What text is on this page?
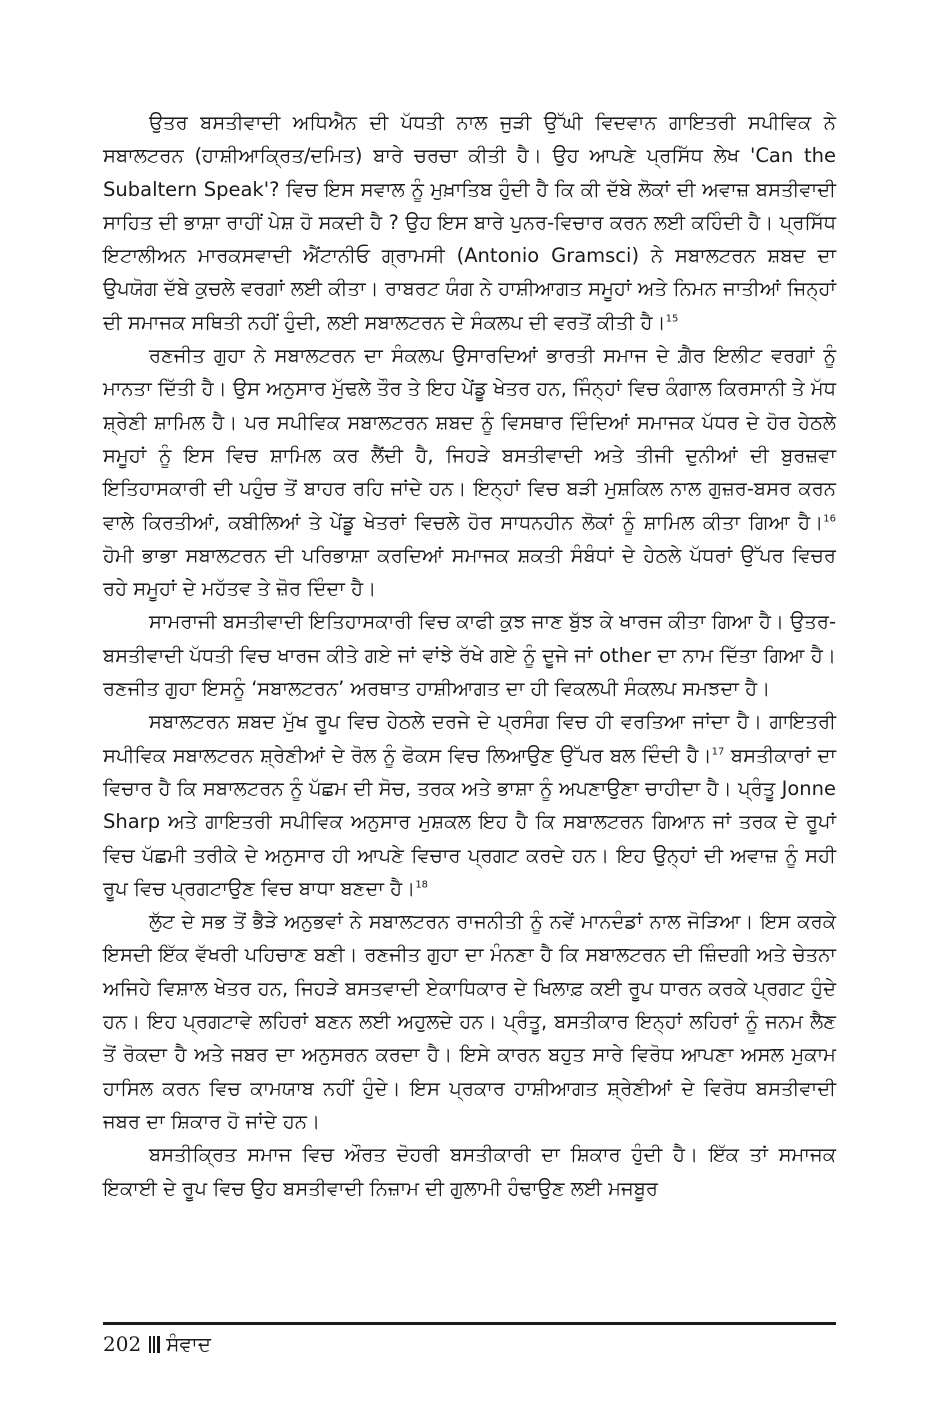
ਉਤਰ ਬਸਤੀਵਾਦੀ ਅਧਿਐਨ ਦੀ ਪੱਧਤੀ ਨਾਲ ਜੁੜੀ ਉੱਘੀ ਵਿਦਵਾਨ ਗਾਇਤਰੀ ਸਪੀਵਿਕ ਨੇ ਸਬਾਲਟਰਨ (ਹਾਸ਼ੀਆਕ੍ਰਿਤ/ਦਮਿਤ) ਬਾਰੇ ਚਰਚਾ ਕੀਤੀ ਹੈ। ਉਹ ਆਪਣੇ ਪ੍ਰਸਿੱਧ ਲੇਖ 'Can the Subaltern Speak'? ਵਿਚ ਇਸ ਸਵਾਲ ਨੂੰ ਮੁਖ਼ਾਤਿਬ ਹੁੰਦੀ ਹੈ ਕਿ ਕੀ ਦੱਬੇ ਲੋਕਾਂ ਦੀ ਅਵਾਜ਼ ਬਸਤੀਵਾਦੀ ਸਾਹਿਤ ਦੀ ਭਾਸ਼ਾ ਰਾਹੀਂ ਪੇਸ਼ ਹੋ ਸਕਦੀ ਹੈ ? ਉਹ ਇਸ ਬਾਰੇ ਪੁਨਰ-ਵਿਚਾਰ ਕਰਨ ਲਈ ਕਹਿੰਦੀ ਹੈ। ਪ੍ਰਸਿੱਧ ਇਟਾਲੀਅਨ ਮਾਰਕਸਵਾਦੀ ਐਂਟਾਨੀਓ ਗ੍ਰਾਮਸੀ (Antonio Gramsci) ਨੇ ਸਬਾਲਟਰਨ ਸ਼ਬਦ ਦਾ ਉਪਯੋਗ ਦੱਬੇ ਕੁਚਲੇ ਵਰਗਾਂ ਲਈ ਕੀਤਾ। ਰਾਬਰਟ ਯੰਗ ਨੇ ਹਾਸ਼ੀਆਗਤ ਸਮੂਹਾਂ ਅਤੇ ਨਿਮਨ ਜਾਤੀਆਂ ਜਿਨ੍ਹਾਂ ਦੀ ਸਮਾਜਕ ਸਥਿਤੀ ਨਹੀਂ ਹੁੰਦੀ, ਲਈ ਸਬਾਲਟਰਨ ਦੇ ਸੰਕਲਪ ਦੀ ਵਰਤੋਂ ਕੀਤੀ ਹੈ।$^{15}$

ਰਣਜੀਤ ਗੁਹਾ ਨੇ ਸਬਾਲਟਰਨ ਦਾ ਸੰਕਲਪ ਉਸਾਰਦਿਆਂ ਭਾਰਤੀ ਸਮਾਜ ਦੇ ਗ਼ੈਰ ਇਲੀਟ ਵਰਗਾਂ ਨੂੰ ਮਾਨਤਾ ਦਿੱਤੀ ਹੈ। ਉਸ ਅਨੁਸਾਰ ਮੁੱਢਲੇ ਤੌਰ ਤੇ ਇਹ ਪੇਂਡੂ ਖੇਤਰ ਹਨ, ਜਿੰਨ੍ਹਾਂ ਵਿਚ ਕੰਗਾਲ ਕਿਰਸਾਨੀ ਤੇ ਮੱਧ ਸ਼੍ਰੇਣੀ ਸ਼ਾਮਿਲ ਹੈ। ਪਰ ਸਪੀਵਿਕ ਸਬਾਲਟਰਨ ਸ਼ਬਦ ਨੂੰ ਵਿਸਥਾਰ ਦਿੰਦਿਆਂ ਸਮਾਜਕ ਪੱਧਰ ਦੇ ਹੋਰ ਹੇਠਲੇ ਸਮੂਹਾਂ ਨੂੰ ਇਸ ਵਿਚ ਸ਼ਾਮਿਲ ਕਰ ਲੈਂਦੀ ਹੈ, ਜਿਹੜੇ ਬਸਤੀਵਾਦੀ ਅਤੇ ਤੀਜੀ ਦੁਨੀਆਂ ਦੀ ਬੁਰਜ਼ਵਾ ਇਤਿਹਾਸਕਾਰੀ ਦੀ ਪਹੁੰਚ ਤੋਂ ਬਾਹਰ ਰਹਿ ਜਾਂਦੇ ਹਨ। ਇਨ੍ਹਾਂ ਵਿਚ ਬੜੀ ਮੁਸ਼ਕਿਲ ਨਾਲ ਗੁਜ਼ਰ-ਬਸਰ ਕਰਨ ਵਾਲੇ ਕਿਰਤੀਆਂ, ਕਬੀਲਿਆਂ ਤੇ ਪੇਂਡੂ ਖੇਤਰਾਂ ਵਿਚਲੇ ਹੋਰ ਸਾਧਨਹੀਨ ਲੋਕਾਂ ਨੂੰ ਸ਼ਾਮਿਲ ਕੀਤਾ ਗਿਆ ਹੈ।$^{16}$ ਹੋਮੀ ਭਾਭਾ ਸਬਾਲਟਰਨ ਦੀ ਪਰਿਭਾਸ਼ਾ ਕਰਦਿਆਂ ਸਮਾਜਕ ਸ਼ਕਤੀ ਸੰਬੰਧਾਂ ਦੇ ਹੇਠਲੇ ਪੱਧਰਾਂ ਉੱਪਰ ਵਿਚਰ ਰਹੇ ਸਮੂਹਾਂ ਦੇ ਮਹੱਤਵ ਤੇ ਜ਼ੋਰ ਦਿੰਦਾ ਹੈ।

ਸਾਮਰਾਜੀ ਬਸਤੀਵਾਦੀ ਇਤਿਹਾਸਕਾਰੀ ਵਿਚ ਕਾਫੀ ਕੁਝ ਜਾਣ ਬੁੱਝ ਕੇ ਖਾਰਜ ਕੀਤਾ ਗਿਆ ਹੈ। ਉਤਰ-ਬਸਤੀਵਾਦੀ ਪੱਧਤੀ ਵਿਚ ਖਾਰਜ ਕੀਤੇ ਗਏ ਜਾਂ ਵਾਂਝੇ ਰੱਖੇ ਗਏ ਨੂੰ ਦੂਜੇ ਜਾਂ other ਦਾ ਨਾਮ ਦਿੱਤਾ ਗਿਆ ਹੈ। ਰਣਜੀਤ ਗੁਹਾ ਇਸਨੂੰ ‘ਸਬਾਲਟਰਨ’ ਅਰਥਾਤ ਹਾਸ਼ੀਆਗਤ ਦਾ ਹੀ ਵਿਕਲਪੀ ਸੰਕਲਪ ਸਮਝਦਾ ਹੈ।

ਸਬਾਲਟਰਨ ਸ਼ਬਦ ਮੁੱਖ ਰੂਪ ਵਿਚ ਹੇਠਲੇ ਦਰਜੇ ਦੇ ਪ੍ਰਸੰਗ ਵਿਚ ਹੀ ਵਰਤਿਆ ਜਾਂਦਾ ਹੈ। ਗਾਇਤਰੀ ਸਪੀਵਿਕ ਸਬਾਲਟਰਨ ਸ਼੍ਰੇਣੀਆਂ ਦੇ ਰੋਲ ਨੂੰ ਫੋਕਸ ਵਿਚ ਲਿਆਉਣ ਉੱਪਰ ਬਲ ਦਿੰਦੀ ਹੈ।$^{17}$ ਬਸਤੀਕਾਰਾਂ ਦਾ ਵਿਚਾਰ ਹੈ ਕਿ ਸਬਾਲਟਰਨ ਨੂੰ ਪੱਛਮ ਦੀ ਸੋਚ, ਤਰਕ ਅਤੇ ਭਾਸ਼ਾ ਨੂੰ ਅਪਣਾਉਣਾ ਚਾਹੀਦਾ ਹੈ। ਪ੍ਰੰਤੂ Jonne Sharp ਅਤੇ ਗਾਇਤਰੀ ਸਪੀਵਿਕ ਅਨੁਸਾਰ ਮੁਸ਼ਕਲ ਇਹ ਹੈ ਕਿ ਸਬਾਲਟਰਨ ਗਿਆਨ ਜਾਂ ਤਰਕ ਦੇ ਰੂਪਾਂ ਵਿਚ ਪੱਛਮੀ ਤਰੀਕੇ ਦੇ ਅਨੁਸਾਰ ਹੀ ਆਪਣੇ ਵਿਚਾਰ ਪ੍ਰਗਟ ਕਰਦੇ ਹਨ। ਇਹ ਉਨ੍ਹਾਂ ਦੀ ਅਵਾਜ਼ ਨੂੰ ਸਹੀ ਰੂਪ ਵਿਚ ਪ੍ਰਗਟਾਉਣ ਵਿਚ ਬਾਧਾ ਬਣਦਾ ਹੈ।$^{18}$

ਲੁੱਟ ਦੇ ਸਭ ਤੋਂ ਭੈੜੇ ਅਨੁਭਵਾਂ ਨੇ ਸਬਾਲਟਰਨ ਰਾਜਨੀਤੀ ਨੂੰ ਨਵੇਂ ਮਾਨਦੰਡਾਂ ਨਾਲ ਜੋੜਿਆ। ਇਸ ਕਰਕੇ ਇਸਦੀ ਇੱਕ ਵੱਖਰੀ ਪਹਿਚਾਣ ਬਣੀ। ਰਣਜੀਤ ਗੁਹਾ ਦਾ ਮੰਨਣਾ ਹੈ ਕਿ ਸਬਾਲਟਰਨ ਦੀ ਜ਼ਿੰਦਗੀ ਅਤੇ ਚੇਤਨਾ ਅਜਿਹੇ ਵਿਸ਼ਾਲ ਖੇਤਰ ਹਨ, ਜਿਹੜੇ ਬਸਤਵਾਦੀ ਏਕਾਧਿਕਾਰ ਦੇ ਖਿਲਾਫ਼ ਕਈ ਰੂਪ ਧਾਰਨ ਕਰਕੇ ਪ੍ਰਗਟ ਹੁੰਦੇ ਹਨ। ਇਹ ਪ੍ਰਗਟਾਵੇ ਲਹਿਰਾਂ ਬਣਨ ਲਈ ਅਹੁਲਦੇ ਹਨ। ਪ੍ਰੰਤੂ, ਬਸਤੀਕਾਰ ਇਨ੍ਹਾਂ ਲਹਿਰਾਂ ਨੂੰ ਜਨਮ ਲੈਣ ਤੋਂ ਰੋਕਦਾ ਹੈ ਅਤੇ ਜਬਰ ਦਾ ਅਨੁਸਰਨ ਕਰਦਾ ਹੈ। ਇਸੇ ਕਾਰਨ ਬਹੁਤ ਸਾਰੇ ਵਿਰੋਧ ਆਪਣਾ ਅਸਲ ਮੁਕਾਮ ਹਾਸਿਲ ਕਰਨ ਵਿਚ ਕਾਮਯਾਬ ਨਹੀਂ ਹੁੰਦੇ। ਇਸ ਪ੍ਰਕਾਰ ਹਾਸ਼ੀਆਗਤ ਸ਼੍ਰੇਣੀਆਂ ਦੇ ਵਿਰੋਧ ਬਸਤੀਵਾਦੀ ਜਬਰ ਦਾ ਸ਼ਿਕਾਰ ਹੋ ਜਾਂਦੇ ਹਨ।

ਬਸਤੀਕ੍ਰਿਤ ਸਮਾਜ ਵਿਚ ਔਰਤ ਦੋਹਰੀ ਬਸਤੀਕਾਰੀ ਦਾ ਸ਼ਿਕਾਰ ਹੁੰਦੀ ਹੈ। ਇੱਕ ਤਾਂ ਸਮਾਜਕ ਇਕਾਈ ਦੇ ਰੂਪ ਵਿਚ ਉਹ ਬਸਤੀਵਾਦੀ ਨਿਜ਼ਾਮ ਦੀ ਗੁਲਾਮੀ ਹੰਢਾਉਣ ਲਈ ਮਜਬੂਰ

202 ਸੰਵਾਦ
